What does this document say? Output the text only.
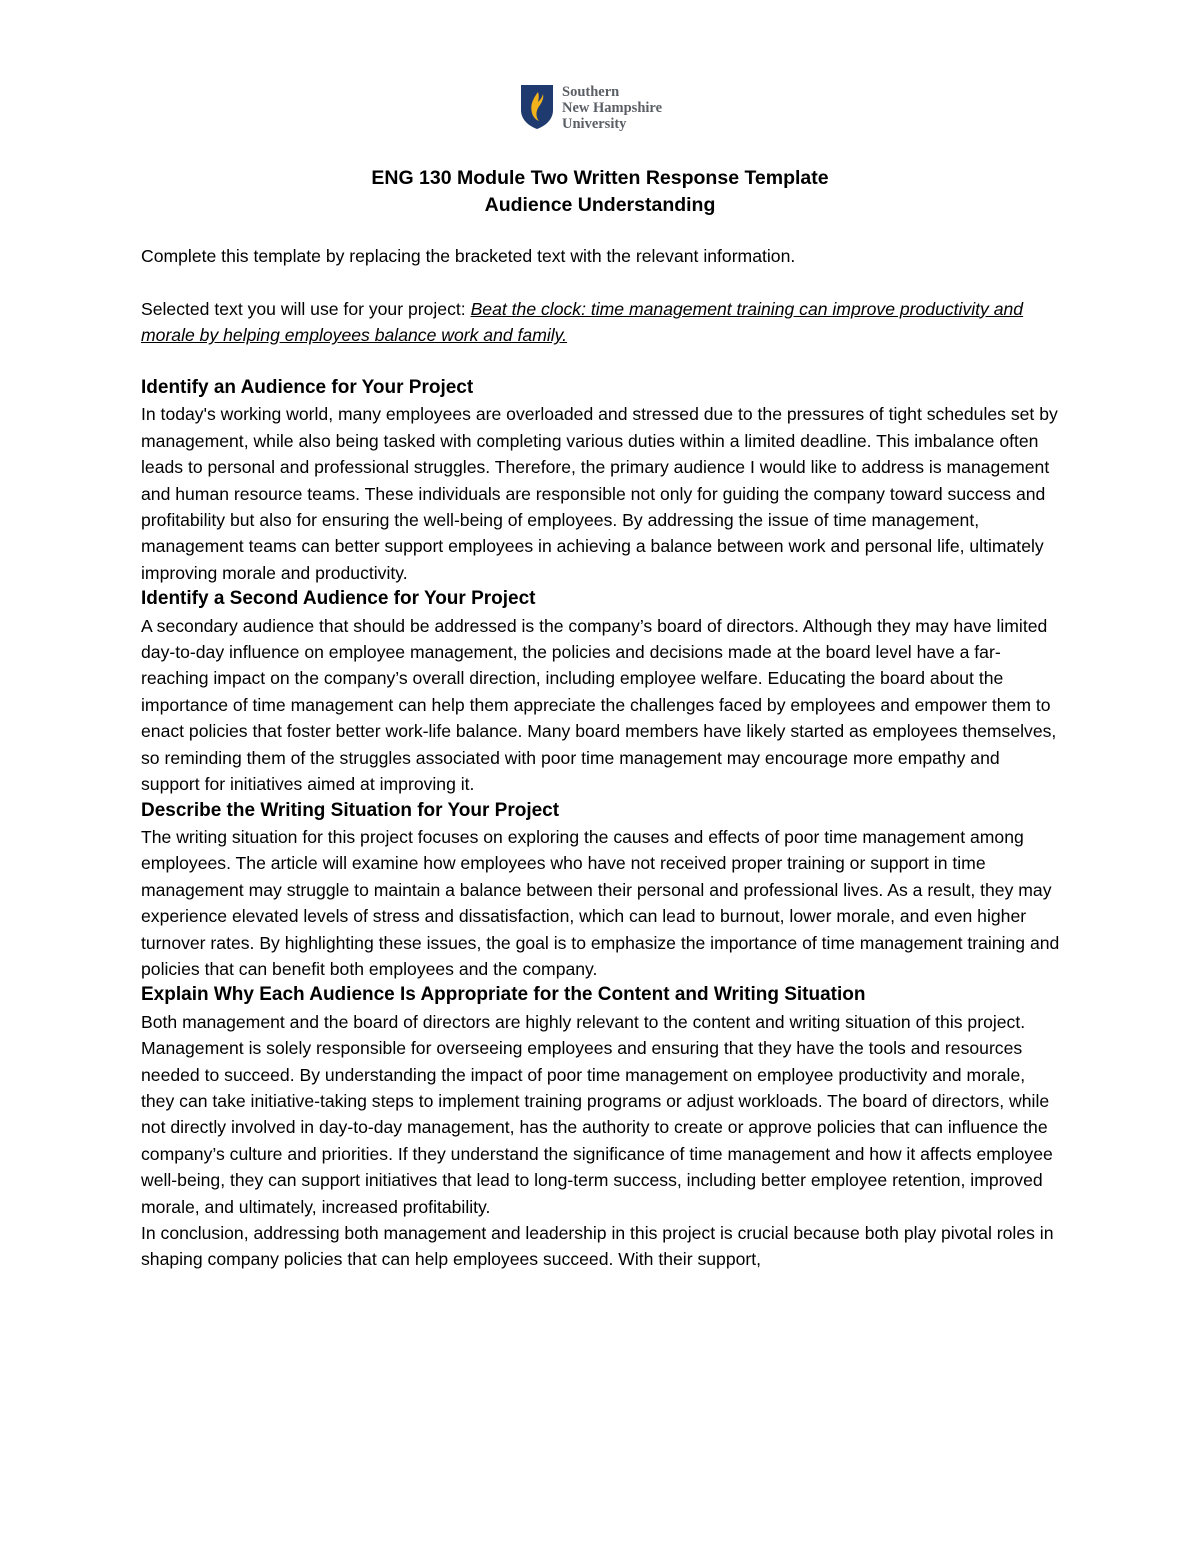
Southern
New Hampshire
University
ENG 130 Module Two Written Response Template
Audience Understanding

Complete this template by replacing the bracketed text with the relevant information.

Selected text you will use for your project: Beat the clock: time management training can improve productivity and morale by helping employees balance work and family.

Identify an Audience for Your Project

In today's working world, many employees are overloaded and stressed due to the pressures of tight schedules set by management, while also being tasked with completing various duties within a limited deadline. This imbalance often leads to personal and professional struggles. Therefore, the primary audience I would like to address is management and human resource teams. These individuals are responsible not only for guiding the company toward success and profitability but also for ensuring the well-being of employees. By addressing the issue of time management, management teams can better support employees in achieving a balance between work and personal life, ultimately improving morale and productivity.

Identify a Second Audience for Your Project

A secondary audience that should be addressed is the company’s board of directors. Although they may have limited day-to-day influence on employee management, the policies and decisions made at the board level have a far-reaching impact on the company’s overall direction, including employee welfare. Educating the board about the importance of time management can help them appreciate the challenges faced by employees and empower them to enact policies that foster better work-life balance. Many board members have likely started as employees themselves, so reminding them of the struggles associated with poor time management may encourage more empathy and support for initiatives aimed at improving it.

Describe the Writing Situation for Your Project

The writing situation for this project focuses on exploring the causes and effects of poor time management among employees. The article will examine how employees who have not received proper training or support in time management may struggle to maintain a balance between their personal and professional lives. As a result, they may experience elevated levels of stress and dissatisfaction, which can lead to burnout, lower morale, and even higher turnover rates. By highlighting these issues, the goal is to emphasize the importance of time management training and policies that can benefit both employees and the company.

Explain Why Each Audience Is Appropriate for the Content and Writing Situation

Both management and the board of directors are highly relevant to the content and writing situation of this project. Management is solely responsible for overseeing employees and ensuring that they have the tools and resources needed to succeed. By understanding the impact of poor time management on employee productivity and morale, they can take initiative-taking steps to implement training programs or adjust workloads. The board of directors, while not directly involved in day-to-day management, has the authority to create or approve policies that can influence the company’s culture and priorities. If they understand the significance of time management and how it affects employee well-being, they can support initiatives that lead to long-term success, including better employee retention, improved morale, and ultimately, increased profitability.

In conclusion, addressing both management and leadership in this project is crucial because both play pivotal roles in shaping company policies that can help employees succeed. With their support,
